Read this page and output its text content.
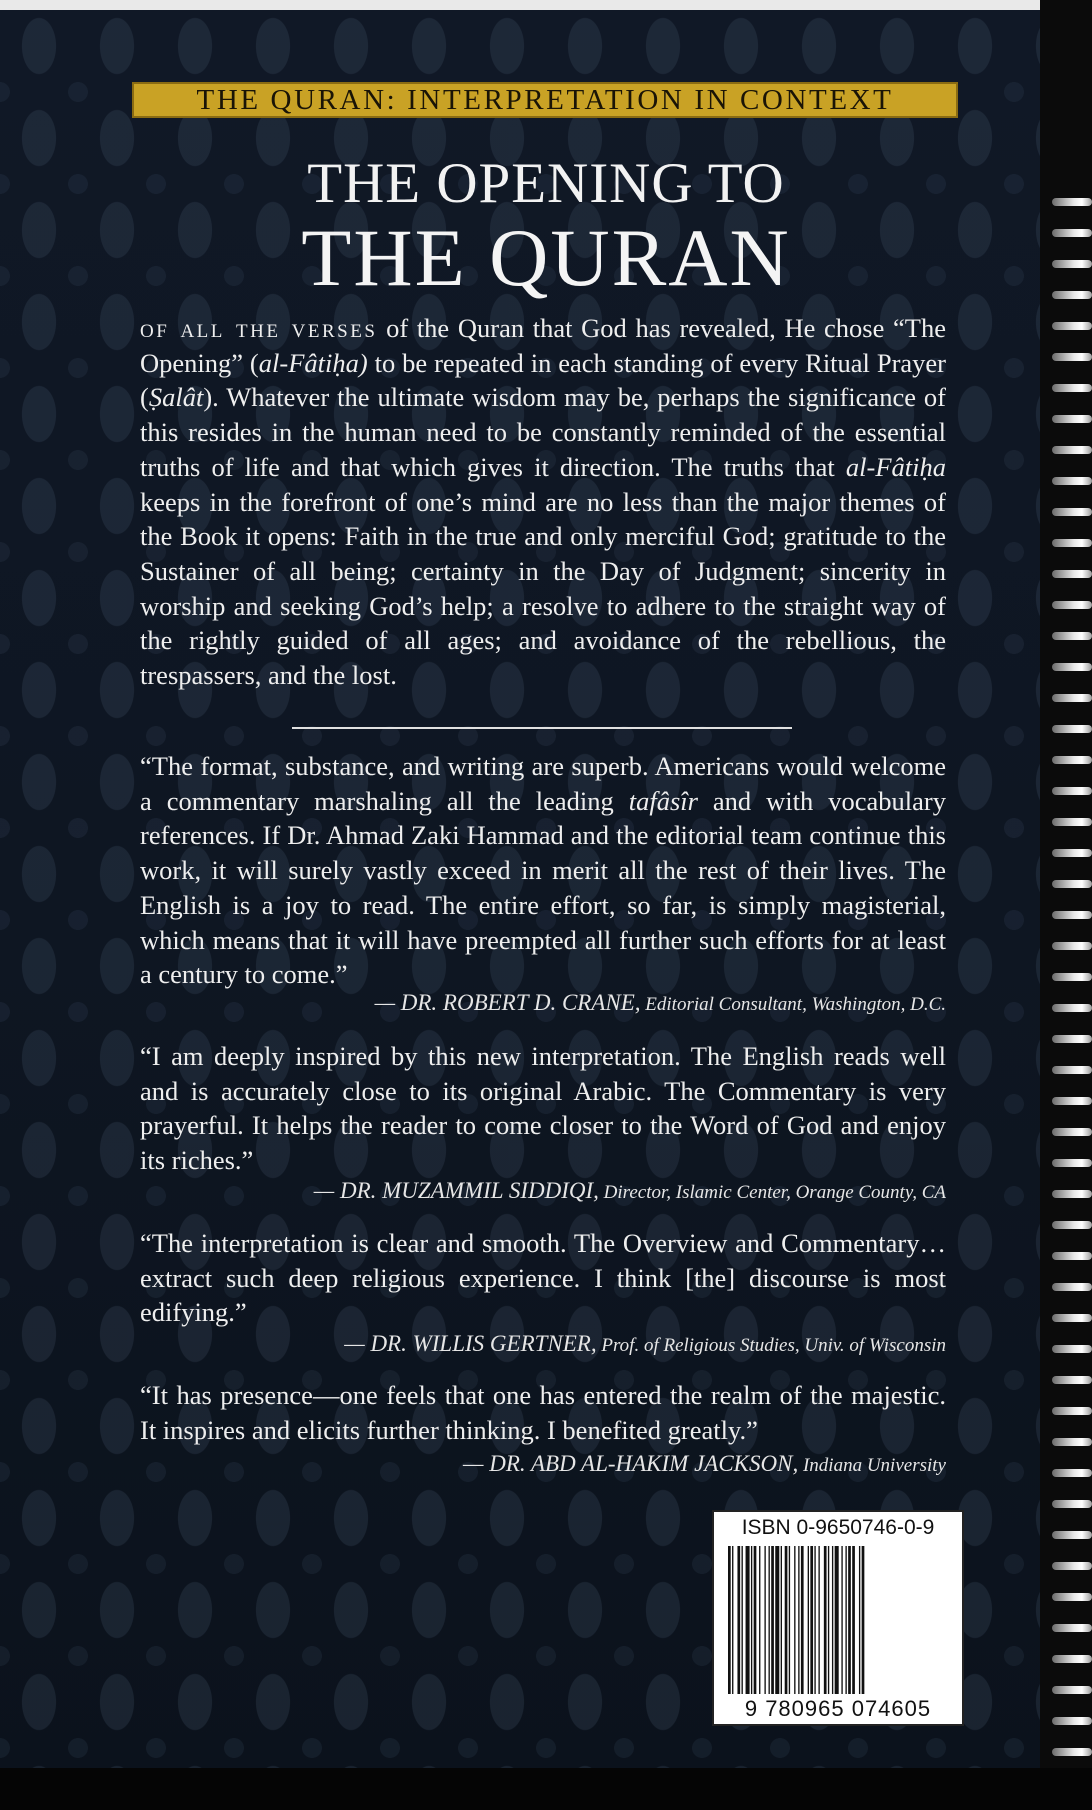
THE QURAN: INTERPRETATION IN CONTEXT
THE OPENING TO
THE QURAN
of all the verses of the Quran that God has revealed, He chose “The Opening” (al-Fâtiḥa) to be repeated in each standing of every Ritual Prayer (Ṣalât). Whatever the ultimate wisdom may be, perhaps the significance of this resides in the human need to be constantly reminded of the essential truths of life and that which gives it direction. The truths that al-Fâtiḥa keeps in the forefront of one’s mind are no less than the major themes of the Book it opens: Faith in the true and only merciful God; gratitude to the Sustainer of all being; certainty in the Day of Judgment; sincerity in worship and seeking God’s help; a resolve to adhere to the straight way of the rightly guided of all ages; and avoidance of the rebellious, the trespassers, and the lost.
“The format, substance, and writing are superb. Americans would welcome a commentary marshaling all the leading tafâsîr and with vocabulary references. If Dr. Ahmad Zaki Hammad and the editorial team continue this work, it will surely vastly exceed in merit all the rest of their lives. The English is a joy to read. The entire effort, so far, is simply magisterial, which means that it will have preempted all further such efforts for at least a century to come.”
— DR. ROBERT D. CRANE, Editorial Consultant, Washington, D.C.
“I am deeply inspired by this new interpretation. The English reads well and is accurately close to its original Arabic. The Commentary is very prayerful. It helps the reader to come closer to the Word of God and enjoy its riches.”
— DR. MUZAMMIL SIDDIQI, Director, Islamic Center, Orange County, CA
“The interpretation is clear and smooth. The Overview and Commentary…extract such deep religious experience. I think [the] discourse is most edifying.”
— DR. WILLIS GERTNER, Prof. of Religious Studies, Univ. of Wisconsin
“It has presence—one feels that one has entered the realm of the majestic. It inspires and elicits further thinking. I benefited greatly.”
— DR. ABD AL-HAKIM JACKSON, Indiana University
ISBN 0-9650746-0-9
9 780965 074605
